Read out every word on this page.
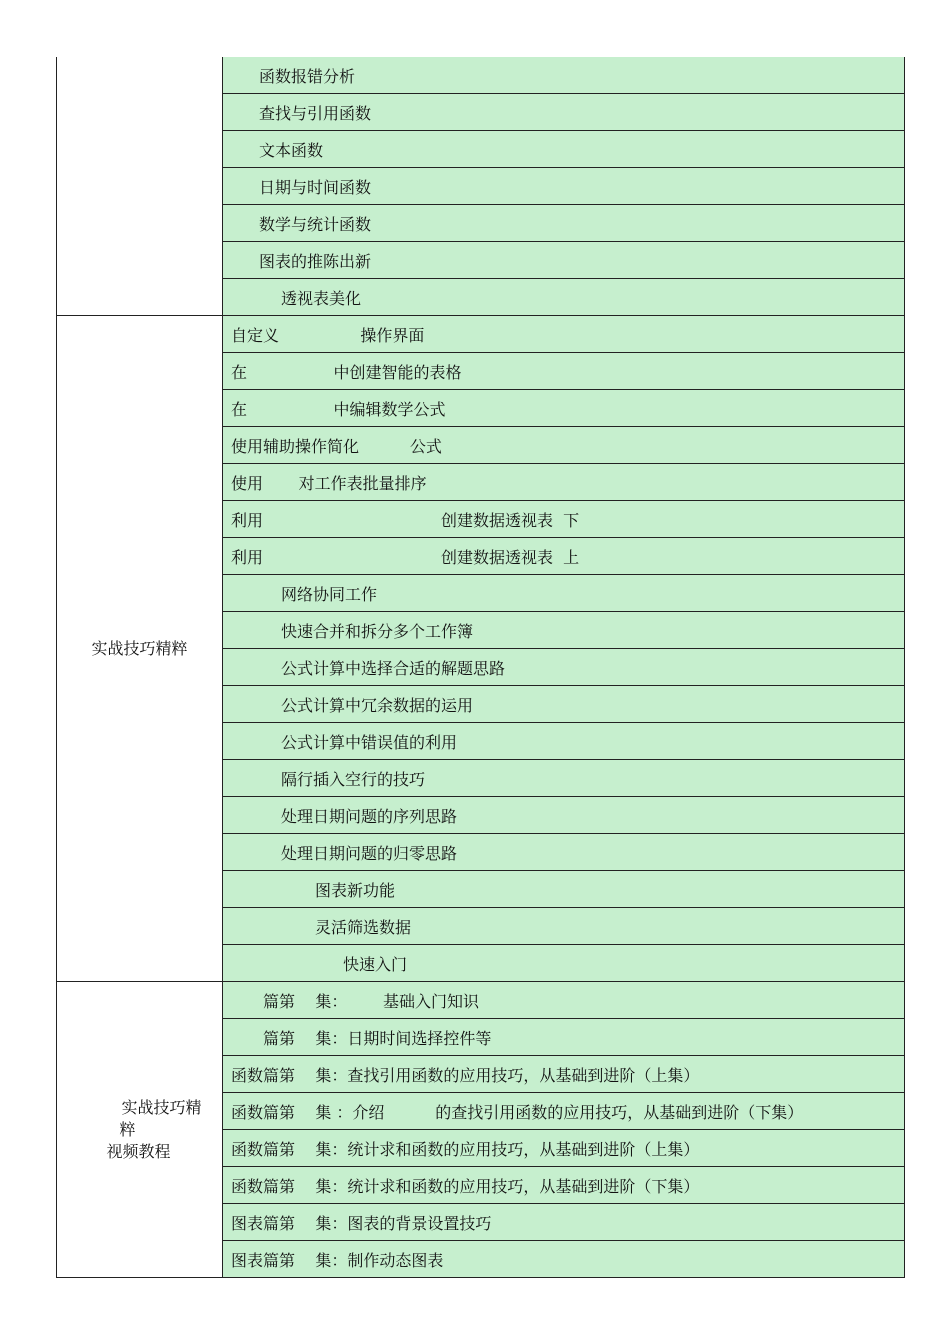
	函数报错分析
	查找与引用函数
	文本函数
	日期与时间函数
	数学与统计函数
	图表的推陈出新
	透视表美化

实战技巧精粹	自定义                操作界面
	在                 中创建智能的表格
	在                 中编辑数学公式
	使用辅助操作简化          公式
	使用       对工作表批量排序
	利用                                   创建数据透视表  下
	利用                                   创建数据透视表  上
	网络协同工作
	快速合并和拆分多个工作簿
	公式计算中选择合适的解题思路
	公式计算中冗余数据的运用
	公式计算中错误值的利用
	隔行插入空行的技巧
	处理日期问题的序列思路
	处理日期问题的归零思路
	图表新功能
	灵活筛选数据
	快速入门

实战技巧精
粹
视频教程	篇第    集：       基础入门知识
	篇第    集：日期时间选择控件等
	函数篇第    集：查找引用函数的应用技巧，从基础到进阶（上集）
	函数篇第    集 ：介绍          的查找引用函数的应用技巧，从基础到进阶（下集）
	函数篇第    集：统计求和函数的应用技巧，从基础到进阶（上集）
	函数篇第    集：统计求和函数的应用技巧，从基础到进阶（下集）
	图表篇第    集：图表的背景设置技巧
	图表篇第    集：制作动态图表
